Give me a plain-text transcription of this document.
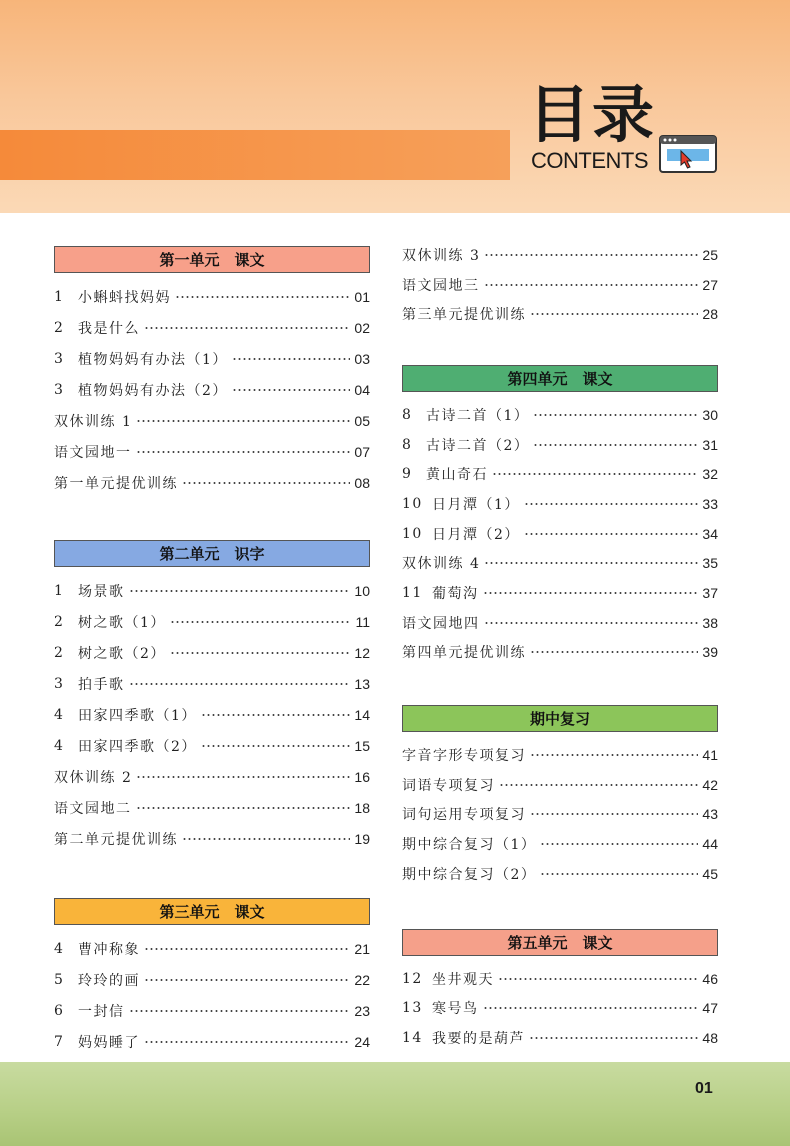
目录
CONTENTS
第一单元　课文
1 小蝌蚪找妈妈	01
2 我是什么	02
3 植物妈妈有办法（1）	03
3 植物妈妈有办法（2）	04
双休训练 1	05
语文园地一	07
第一单元提优训练	08
第二单元　识字
1 场景歌	10
2 树之歌（1）	11
2 树之歌（2）	12
3 拍手歌	13
4 田家四季歌（1）	14
4 田家四季歌（2）	15
双休训练 2	16
语文园地二	18
第二单元提优训练	19
第三单元　课文
4 曹冲称象	21
5 玲玲的画	22
6 一封信	23
7 妈妈睡了	24
双休训练 3	25
语文园地三	27
第三单元提优训练	28
第四单元　课文
8 古诗二首（1）	30
8 古诗二首（2）	31
9 黄山奇石	32
10 日月潭（1）	33
10 日月潭（2）	34
双休训练 4	35
11 葡萄沟	37
语文园地四	38
第四单元提优训练	39
期中复习
字音字形专项复习	41
词语专项复习	42
词句运用专项复习	43
期中综合复习（1）	44
期中综合复习（2）	45
第五单元　课文
12 坐井观天	46
13 寒号鸟	47
14 我要的是葫芦	48
01
